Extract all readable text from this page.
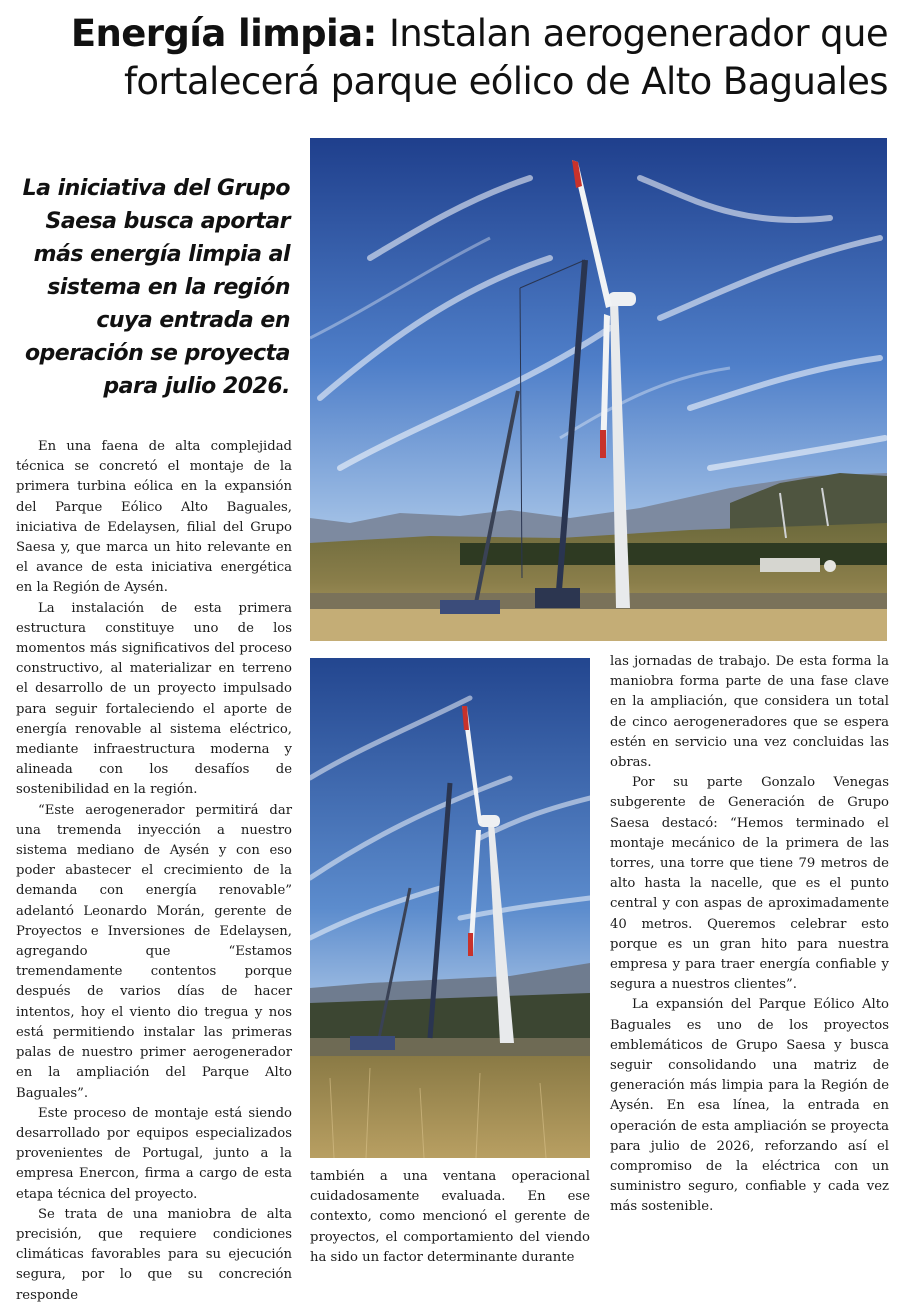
Energía limpia: Instalan aerogenerador que fortalecerá parque eólico de Alto Baguales
La iniciativa del Grupo Saesa busca aportar más energía limpia al sistema en la región cuya entrada en operación se proyecta para julio 2026.

En una faena de alta complejidad técnica se concretó el montaje de la primera turbina eólica en la expansión del Parque Eólico Alto Baguales, iniciativa de Edelaysen, filial del Grupo Saesa y, que marca un hito relevante en el avance de esta iniciativa energética en la Región de Aysén.

La instalación de esta primera estructura constituye uno de los momentos más significativos del proceso constructivo, al materializar en terreno el desarrollo de un proyecto impulsado para seguir fortaleciendo el aporte de energía renovable al sistema eléctrico, mediante infraestructura moderna y alineada con los desafíos de sostenibilidad en la región.

“Este aerogenerador permitirá dar una tremenda inyección a nuestro sistema mediano de Aysén y con eso poder abastecer el crecimiento de la demanda con energía renovable” adelantó Leonardo Morán, gerente de Proyectos e Inversiones de Edelaysen, agregando que “Estamos tremendamente contentos porque después de varios días de hacer intentos, hoy el viento dio tregua y nos está permitiendo instalar las primeras palas de nuestro primer aerogenerador en la ampliación del Parque Alto Baguales”.

Este proceso de montaje está siendo desarrollado por equipos especializados provenientes de Portugal, junto a la empresa Enercon, firma a cargo de esta etapa técnica del proyecto.

Se trata de una maniobra de alta precisión, que requiere condiciones climáticas favorables para su ejecución segura, por lo que su concreción responde

también a una ventana operacional cuidadosamente evaluada. En ese contexto, como mencionó el gerente de proyectos, el comportamiento del viendo ha sido un factor determinante durante

las jornadas de trabajo. De esta forma la maniobra forma parte de una fase clave en la ampliación, que considera un total de cinco aerogeneradores que se espera estén en servicio una vez concluidas las obras.

Por su parte Gonzalo Venegas subgerente de Generación de Grupo Saesa destacó: “Hemos terminado el montaje mecánico de la primera de las torres, una torre que tiene 79 metros de alto hasta la nacelle, que es el punto central y con aspas de aproximadamente 40 metros. Queremos celebrar esto porque es un gran hito para nuestra empresa y para traer energía confiable y segura a nuestros clientes”.

La expansión del Parque Eólico Alto Baguales es uno de los proyectos emblemáticos de Grupo Saesa y busca seguir consolidando una matriz de generación más limpia para la Región de Aysén. En esa línea, la entrada en operación de esta ampliación se proyecta para julio de 2026, reforzando así el compromiso de la eléctrica con un suministro seguro, confiable y cada vez más sostenible.
